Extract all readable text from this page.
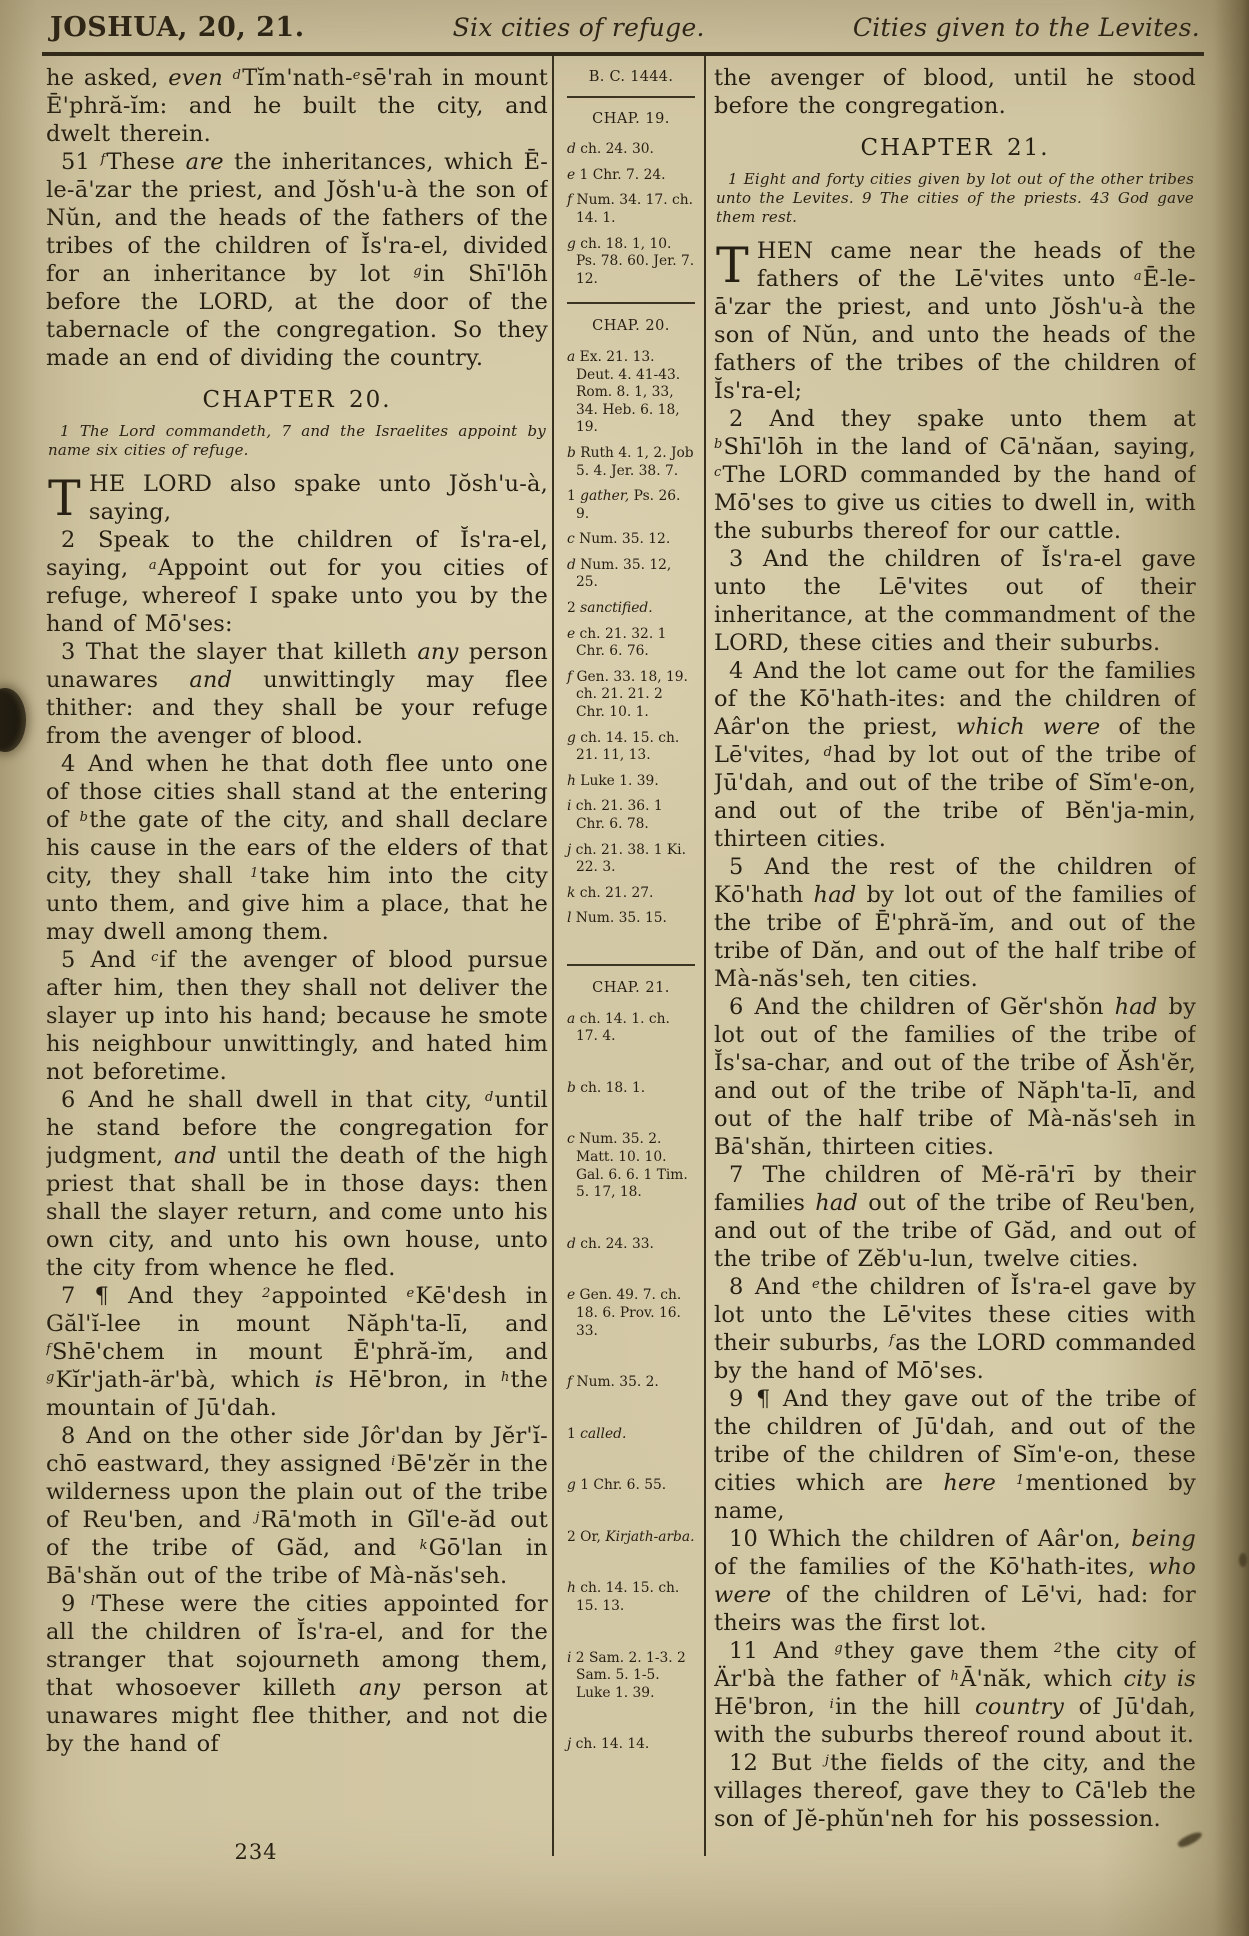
JOSHUA, 20, 21.	Six cities of refuge.	Cities given to the Levites.

he asked, even $^d$Tĭm'nath-$^e$sē'rah in mount Ē'phră-ĭm: and he built the city, and dwelt therein.

51 $^f$These are the inheritances, which Ē-le-ā'zar the priest, and Jŏsh'u-à the son of Nŭn, and the heads of the fathers of the tribes of the children of Ĭs'ra-el, divided for an inheritance by lot $^g$in Shī'lōh before the LORD, at the door of the tabernacle of the congregation. So they made an end of dividing the country.

CHAPTER 20.

1 The Lord commandeth, 7 and the Israelites appoint by name six cities of refuge.

THE LORD also spake unto Jŏsh'u-à, saying,

2 Speak to the children of Ĭs'ra-el, saying, $^a$Appoint out for you cities of refuge, whereof I spake unto you by the hand of Mō'ses:

3 That the slayer that killeth any person unawares and unwittingly may flee thither: and they shall be your refuge from the avenger of blood.

4 And when he that doth flee unto one of those cities shall stand at the entering of $^b$the gate of the city, and shall declare his cause in the ears of the elders of that city, they shall $^1$take him into the city unto them, and give him a place, that he may dwell among them.

5 And $^c$if the avenger of blood pursue after him, then they shall not deliver the slayer up into his hand; because he smote his neighbour unwittingly, and hated him not beforetime.

6 And he shall dwell in that city, $^d$until he stand before the congregation for judgment, and until the death of the high priest that shall be in those days: then shall the slayer return, and come unto his own city, and unto his own house, unto the city from whence he fled.

7 ¶ And they $^2$appointed $^e$Kē'desh in Găl'ĭ-lee in mount Năph'ta-lī, and $^f$Shē'chem in mount Ē'phră-ĭm, and $^g$Kĭr'jath-är'bà, which is Hē'bron, in $^h$the mountain of Jū'dah.

8 And on the other side Jôr'dan by Jĕr'ĭ-chō eastward, they assigned $^i$Bē'zĕr in the wilderness upon the plain out of the tribe of Reu'ben, and $^j$Rā'moth in Gĭl'e-ăd out of the tribe of Găd, and $^k$Gō'lan in Bā'shăn out of the tribe of Mà-năs'seh.

9 $^l$These were the cities appointed for all the children of Ĭs'ra-el, and for the stranger that sojourneth among them, that whosoever killeth any person at unawares might flee thither, and not die by the hand of

B. C. 1444.
CHAP. 19.
d ch. 24. 30.
e 1 Chr. 7. 24.
f Num. 34. 17. ch. 14. 1.
g ch. 18. 1, 10. Ps. 78. 60. Jer. 7. 12.
CHAP. 20.
a Ex. 21. 13. Deut. 4. 41-43. Rom. 8. 1, 33, 34. Heb. 6. 18, 19.
b Ruth 4. 1, 2. Job 5. 4. Jer. 38. 7.
1 gather, Ps. 26. 9.
c Num. 35. 12.
d Num. 35. 12, 25.
2 sanctified.
e ch. 21. 32. 1 Chr. 6. 76.
f Gen. 33. 18, 19. ch. 21. 21. 2 Chr. 10. 1.
g ch. 14. 15. ch. 21. 11, 13.
h Luke 1. 39.
i ch. 21. 36. 1 Chr. 6. 78.
j ch. 21. 38. 1 Ki. 22. 3.
k ch. 21. 27.
l Num. 35. 15.
CHAP. 21.
a ch. 14. 1. ch. 17. 4.
b ch. 18. 1.
c Num. 35. 2. Matt. 10. 10. Gal. 6. 6. 1 Tim. 5. 17, 18.
d ch. 24. 33.
e Gen. 49. 7. ch. 18. 6. Prov. 16. 33.
f Num. 35. 2.
1 called.
g 1 Chr. 6. 55.
2 Or, Kirjath-arba.
h ch. 14. 15. ch. 15. 13.
i 2 Sam. 2. 1-3. 2 Sam. 5. 1-5. Luke 1. 39.
j ch. 14. 14.

the avenger of blood, until he stood before the congregation.

CHAPTER 21.

1 Eight and forty cities given by lot out of the other tribes unto the Levites. 9 The cities of the priests. 43 God gave them rest.

THEN came near the heads of the fathers of the Lē'vites unto $^a$Ē-le-ā'zar the priest, and unto Jŏsh'u-à the son of Nŭn, and unto the heads of the fathers of the tribes of the children of Ĭs'ra-el;

2 And they spake unto them at $^b$Shī'lōh in the land of Cā'năan, saying, $^c$The LORD commanded by the hand of Mō'ses to give us cities to dwell in, with the suburbs thereof for our cattle.

3 And the children of Ĭs'ra-el gave unto the Lē'vites out of their inheritance, at the commandment of the LORD, these cities and their suburbs.

4 And the lot came out for the families of the Kō'hath-ites: and the children of Aâr'on the priest, which were of the Lē'vites, $^d$had by lot out of the tribe of Jū'dah, and out of the tribe of Sĭm'e-on, and out of the tribe of Bĕn'ja-min, thirteen cities.

5 And the rest of the children of Kō'hath had by lot out of the families of the tribe of Ē'phră-ĭm, and out of the tribe of Dăn, and out of the half tribe of Mà-năs'seh, ten cities.

6 And the children of Gĕr'shŏn had by lot out of the families of the tribe of Ĭs'sa-char, and out of the tribe of Ăsh'ĕr, and out of the tribe of Năph'ta-lī, and out of the half tribe of Mà-năs'seh in Bā'shăn, thirteen cities.

7 The children of Mĕ-rā'rī by their families had out of the tribe of Reu'ben, and out of the tribe of Găd, and out of the tribe of Zĕb'u-lun, twelve cities.

8 And $^e$the children of Ĭs'ra-el gave by lot unto the Lē'vites these cities with their suburbs, $^f$as the LORD commanded by the hand of Mō'ses.

9 ¶ And they gave out of the tribe of the children of Jū'dah, and out of the tribe of the children of Sĭm'e-on, these cities which are here $^1$mentioned by name,

10 Which the children of Aâr'on, being of the families of the Kō'hath-ites, who were of the children of Lē'vi, had: for theirs was the first lot.

11 And $^g$they gave them $^2$the city of Är'bà the father of $^h$Ā'năk, which city is Hē'bron, $^i$in the hill country of Jū'dah, with the suburbs thereof round about it.

12 But $^j$the fields of the city, and the villages thereof, gave they to Cā'leb the son of Jĕ-phŭn'neh for his possession.

234
